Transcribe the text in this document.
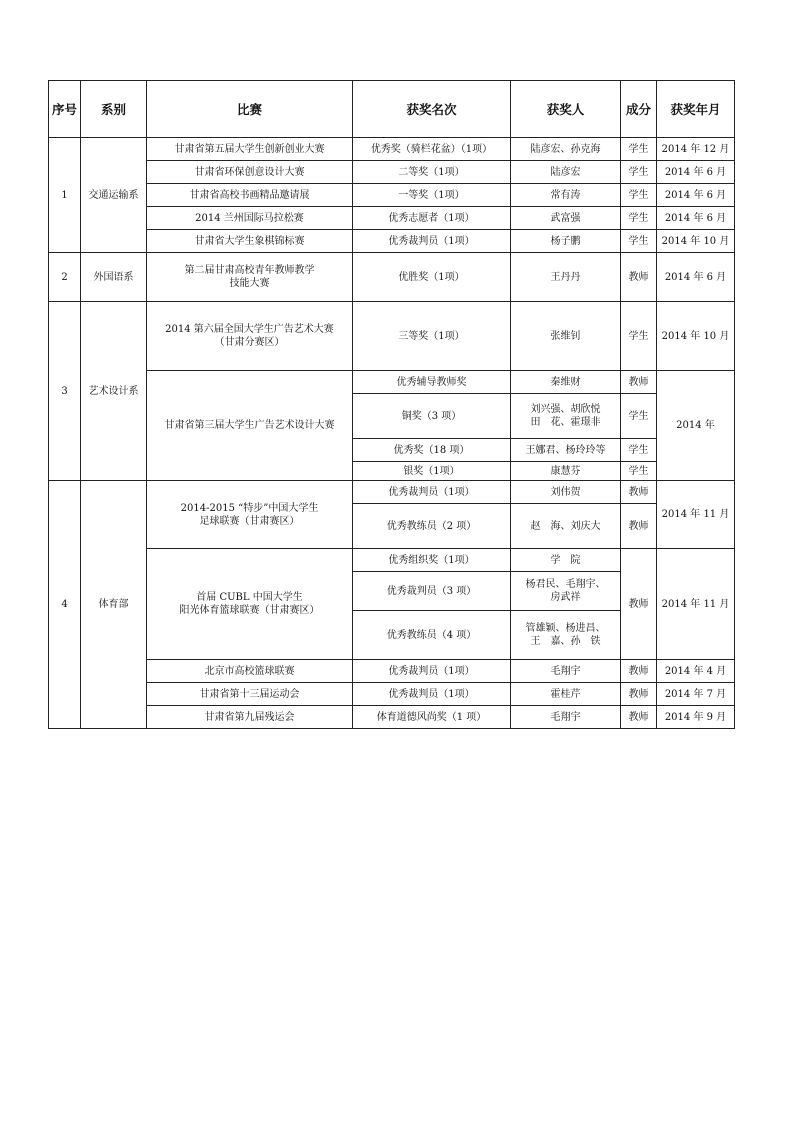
序号	系别	比赛	获奖名次	获奖人	成分	获奖年月
1	交通运输系	甘肃省第五届大学生创新创业大赛	优秀奖（骑栏花盆）（1项）	陆彦宏、孙克海	学生	2014 年 12 月
		甘肃省环保创意设计大赛	二等奖（1项）	陆彦宏	学生	2014 年 6 月
		甘肃省高校书画精品邀请展	一等奖（1项）	常有涛	学生	2014 年 6 月
		2014 兰州国际马拉松赛	优秀志愿者（1项）	武富强	学生	2014 年 6 月
		甘肃省大学生象棋锦标赛	优秀裁判员（1项）	杨子鹏	学生	2014 年 10 月
2	外国语系	第二届甘肃高校青年教师教学
技能大赛	优胜奖（1项）	王丹丹	教师	2014 年 6 月
3	艺术设计系	2014 第六届全国大学生广告艺术大赛
（甘肃分赛区）	三等奖（1项）	张维钊	学生	2014 年 10 月
		甘肃省第三届大学生广告艺术设计大赛	优秀辅导教师奖	秦维财	教师	2014 年
			铜奖（3 项）	刘兴强、胡欣悦
田　花、霍璟非	学生	
			优秀奖（18 项）	王娜君、杨玲玲等	学生	
			银奖（1项）	康慧芬	学生	
4	体育部	2014-2015 “特步”中国大学生
足球联赛（甘肃赛区）	优秀裁判员（1项）	刘伟贺	教师	2014 年 11 月
			优秀教练员（2 项）	赵　海、刘庆大	教师	
		首届 CUBL 中国大学生
阳光体育篮球联赛（甘肃赛区）	优秀组织奖（1项）	学　院	教师	2014 年 11 月
			优秀裁判员（3 项）	杨君民、毛翔宇、
房武祥		
			优秀教练员（4 项）	管雄颖、杨进昌、
王　嘉、孙　铁		
		北京市高校篮球联赛	优秀裁判员（1项）	毛翔宇	教师	2014 年 4 月
		甘肃省第十三届运动会	优秀裁判员（1项）	霍桂芹	教师	2014 年 7 月
		甘肃省第九届残运会	体育道德风尚奖（1 项）	毛翔宇	教师	2014 年 9 月
